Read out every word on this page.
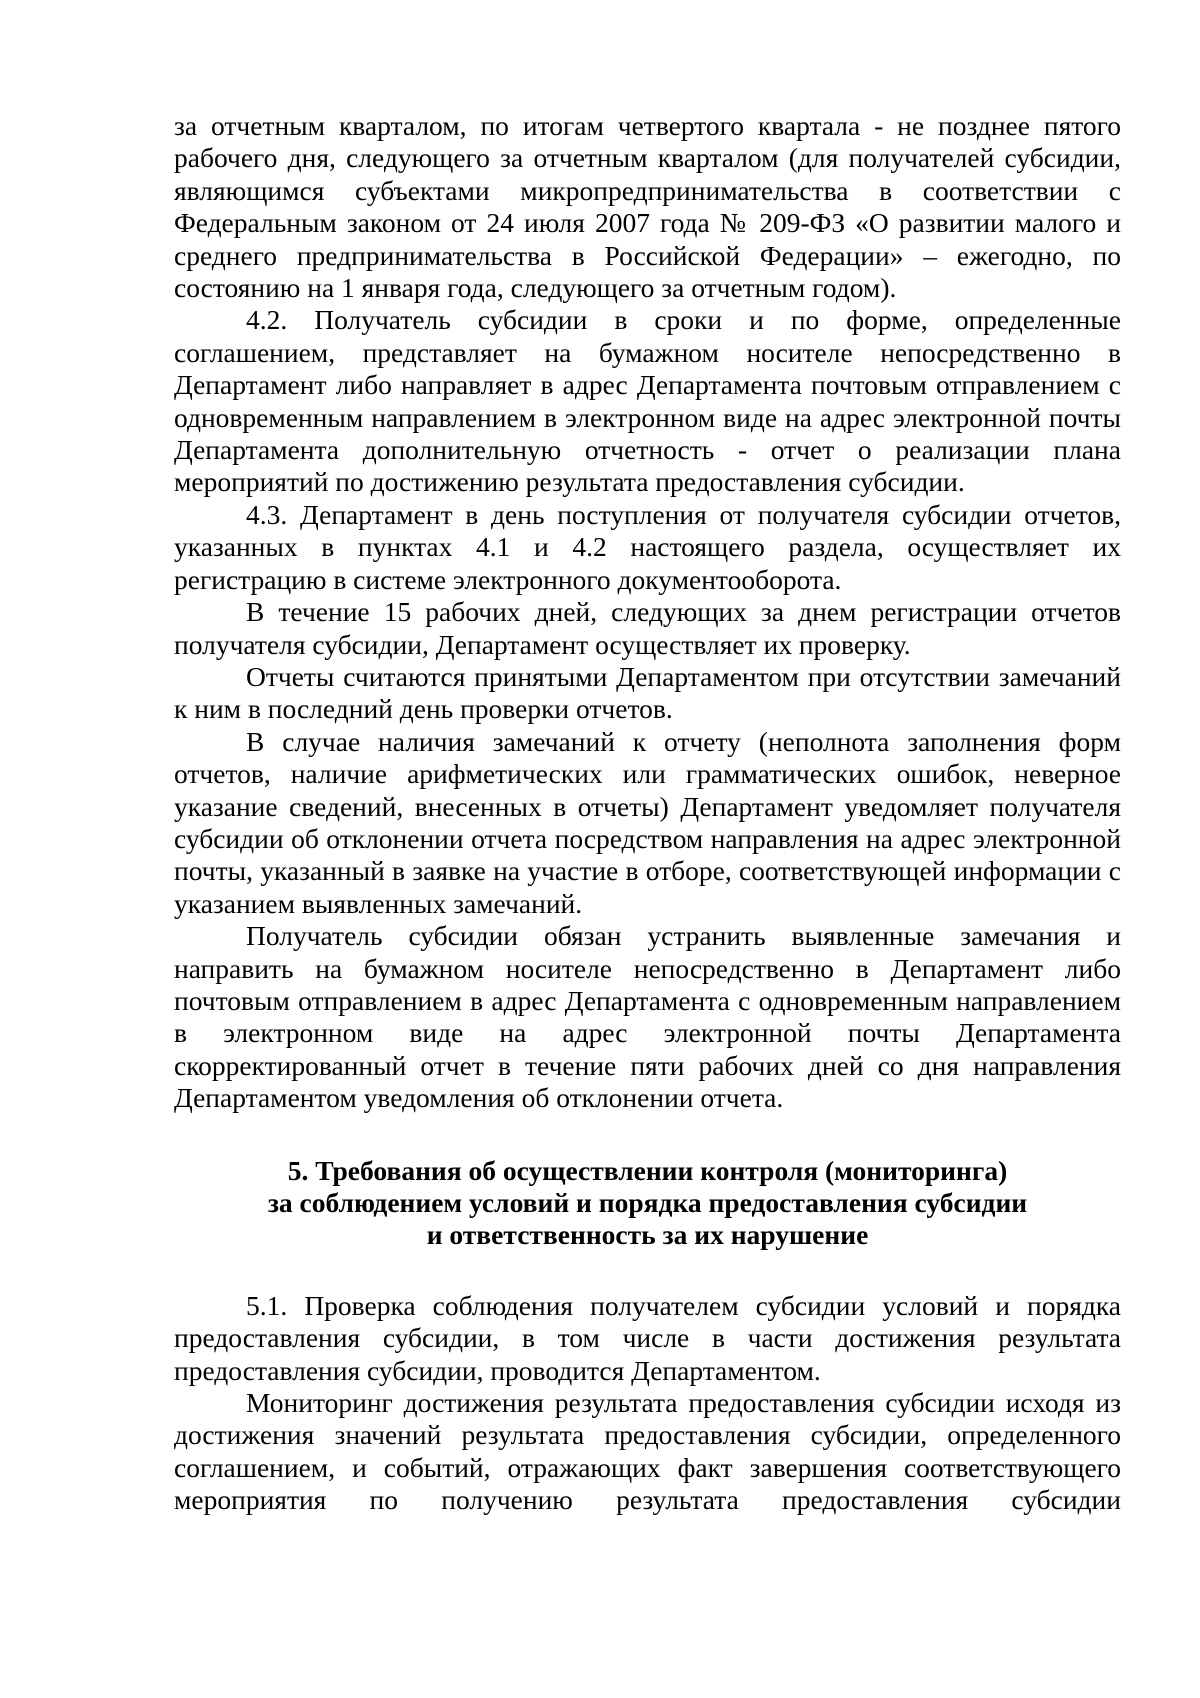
за отчетным кварталом, по итогам четвертого квартала - не позднее пятого рабочего дня, следующего за отчетным кварталом (для получателей субсидии, являющимся субъектами микропредпринимательства в соответствии с Федеральным законом от 24 июля 2007 года № 209-ФЗ «О развитии малого и среднего предпринимательства в Российской Федерации» – ежегодно, по состоянию на 1 января года, следующего за отчетным годом).

4.2. Получатель субсидии в сроки и по форме, определенные соглашением, представляет на бумажном носителе непосредственно в Департамент либо направляет в адрес Департамента почтовым отправлением с одновременным направлением в электронном виде на адрес электронной почты Департамента дополнительную отчетность - отчет о реализации плана мероприятий по достижению результата предоставления субсидии.

4.3. Департамент в день поступления от получателя субсидии отчетов, указанных в пунктах 4.1 и 4.2 настоящего раздела, осуществляет их регистрацию в системе электронного документооборота.

В течение 15 рабочих дней, следующих за днем регистрации отчетов получателя субсидии, Департамент осуществляет их проверку.

Отчеты считаются принятыми Департаментом при отсутствии замечаний к ним в последний день проверки отчетов.

В случае наличия замечаний к отчету (неполнота заполнения форм отчетов, наличие арифметических или грамматических ошибок, неверное указание сведений, внесенных в отчеты) Департамент уведомляет получателя субсидии об отклонении отчета посредством направления на адрес электронной почты, указанный в заявке на участие в отборе, соответствующей информации с указанием выявленных замечаний.

Получатель субсидии обязан устранить выявленные замечания и направить на бумажном носителе непосредственно в Департамент либо почтовым отправлением в адрес Департамента с одновременным направлением в электронном виде на адрес электронной почты Департамента скорректированный отчет в течение пяти рабочих дней со дня направления Департаментом уведомления об отклонении отчета.

5. Требования об осуществлении контроля (мониторинга)
за соблюдением условий и порядка предоставления субсидии
и ответственность за их нарушение

5.1. Проверка соблюдения получателем субсидии условий и порядка предоставления субсидии, в том числе в части достижения результата предоставления субсидии, проводится Департаментом.

Мониторинг достижения результата предоставления субсидии исходя из достижения значений результата предоставления субсидии, определенного соглашением, и событий, отражающих факт завершения соответствующего мероприятия по получению результата предоставления субсидии
